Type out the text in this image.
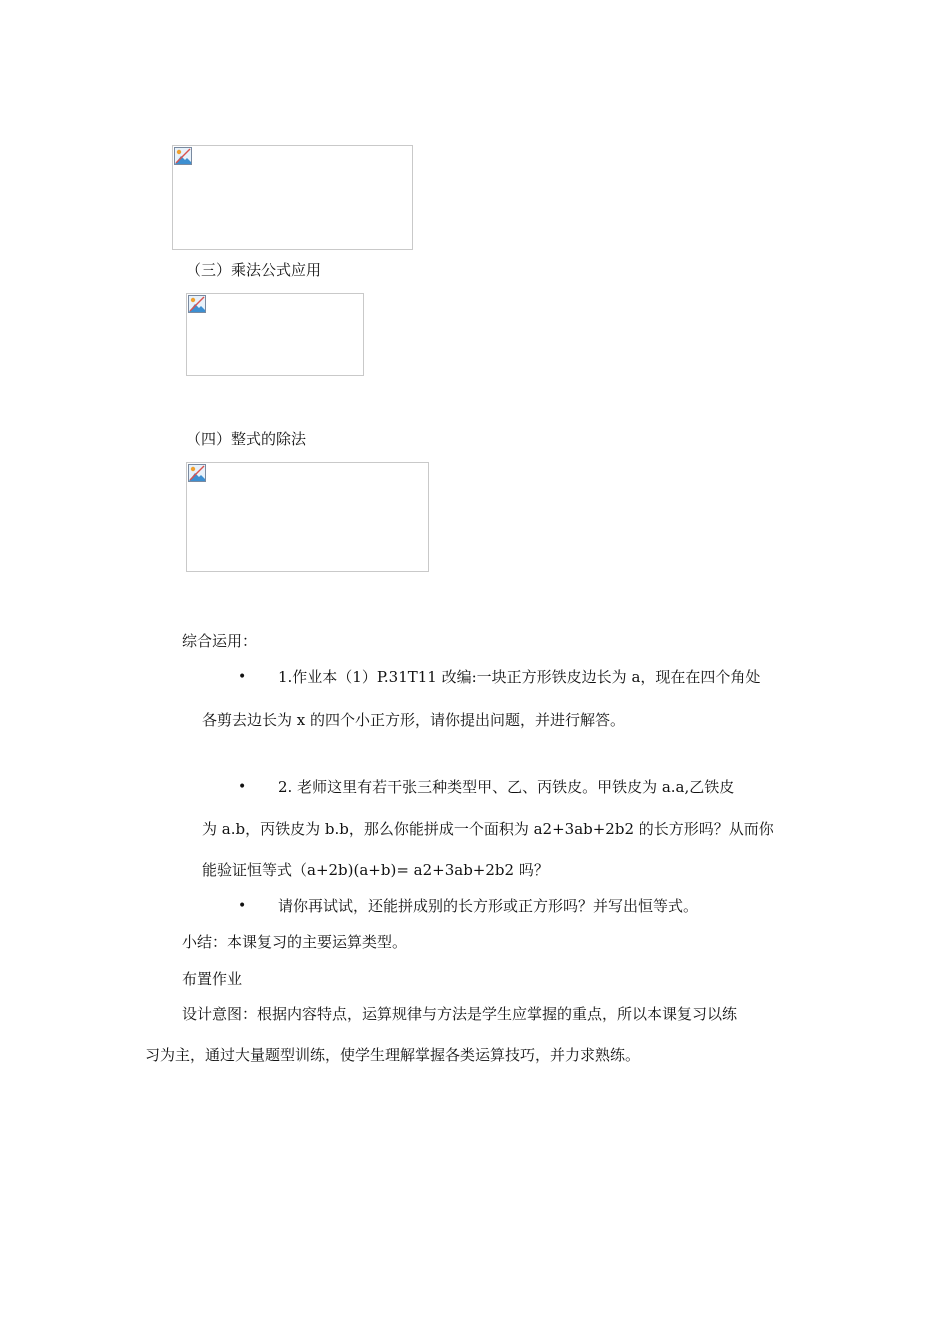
（三）乘法公式应用
（四）整式的除法
综合运用：
• 1.作业本（1）P.31T11 改编:一块正方形铁皮边长为 a，现在在四个角处
各剪去边长为 x 的四个小正方形，请你提出问题，并进行解答。
• 2. 老师这里有若干张三种类型甲、乙、丙铁皮。甲铁皮为 a.a,乙铁皮
为 a.b，丙铁皮为 b.b，那么你能拼成一个面积为 a2+3ab+2b2 的长方形吗？从而你
能验证恒等式（a+2b)(a+b)= a2+3ab+2b2 吗？
• 请你再试试，还能拼成别的长方形或正方形吗？并写出恒等式。
小结：本课复习的主要运算类型。
布置作业
设计意图：根据内容特点，运算规律与方法是学生应掌握的重点，所以本课复习以练
习为主，通过大量题型训练，使学生理解掌握各类运算技巧，并力求熟练。
